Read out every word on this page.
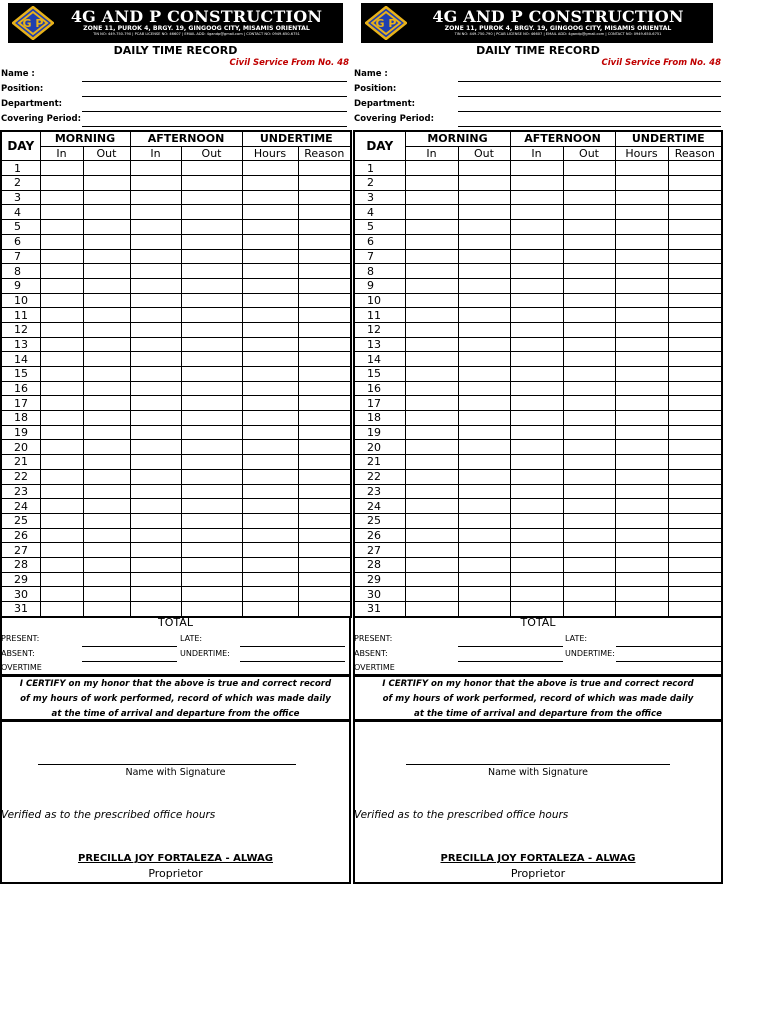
G P	4G AND P CONSTRUCTION
ZONE 11, PUROK 4, BRGY. 19, GINGOOG CITY, MISAMIS ORIENTAL
TIN NO: 449-750-790 | PCAB LICENSE NO: 46607 | EMAIL ADD: 4gandp@gmail.com | CONTACT NO: 0949-650-6751
DAILY TIME RECORD
Civil Service From No. 48
Name :
Position:
Department:
Covering Period:
DAY	MORNING		AFTERNOON		UNDERTIME	
	In	Out	In	Out	Hours	Reason
1						
2						
3						
4						
5						
6						
7						
8						
9						
10						
11						
12						
13						
14						
15						
16						
17						
18						
19						
20						
21						
22						
23						
24						
25						
26						
27						
28						
29						
30						
31						
TOTAL
PRESENT:
ABSENT:
OVERTIME
LATE:
UNDERTIME:
I CERTIFY on my honor that the above is true and correct record
of my hours of work performed, record of which was made daily
at the time of arrival and departure from the office
Name with Signature
Verified as to the prescribed office hours
PRECILLA JOY FORTALEZA - ALWAG
Proprietor
G P	4G AND P CONSTRUCTION
ZONE 11, PUROK 4, BRGY. 19, GINGOOG CITY, MISAMIS ORIENTAL
TIN NO: 449-750-790 | PCAB LICENSE NO: 46607 | EMAIL ADD: 4gandp@gmail.com | CONTACT NO: 0949-650-6751
DAILY TIME RECORD
Civil Service From No. 48
Name :
Position:
Department:
Covering Period:
DAY	MORNING		AFTERNOON		UNDERTIME	
	In	Out	In	Out	Hours	Reason
1						
2						
3						
4						
5						
6						
7						
8						
9						
10						
11						
12						
13						
14						
15						
16						
17						
18						
19						
20						
21						
22						
23						
24						
25						
26						
27						
28						
29						
30						
31						
TOTAL
PRESENT:
ABSENT:
OVERTIME
LATE:
UNDERTIME:
I CERTIFY on my honor that the above is true and correct record
of my hours of work performed, record of which was made daily
at the time of arrival and departure from the office
Name with Signature
Verified as to the prescribed office hours
PRECILLA JOY FORTALEZA - ALWAG
Proprietor
